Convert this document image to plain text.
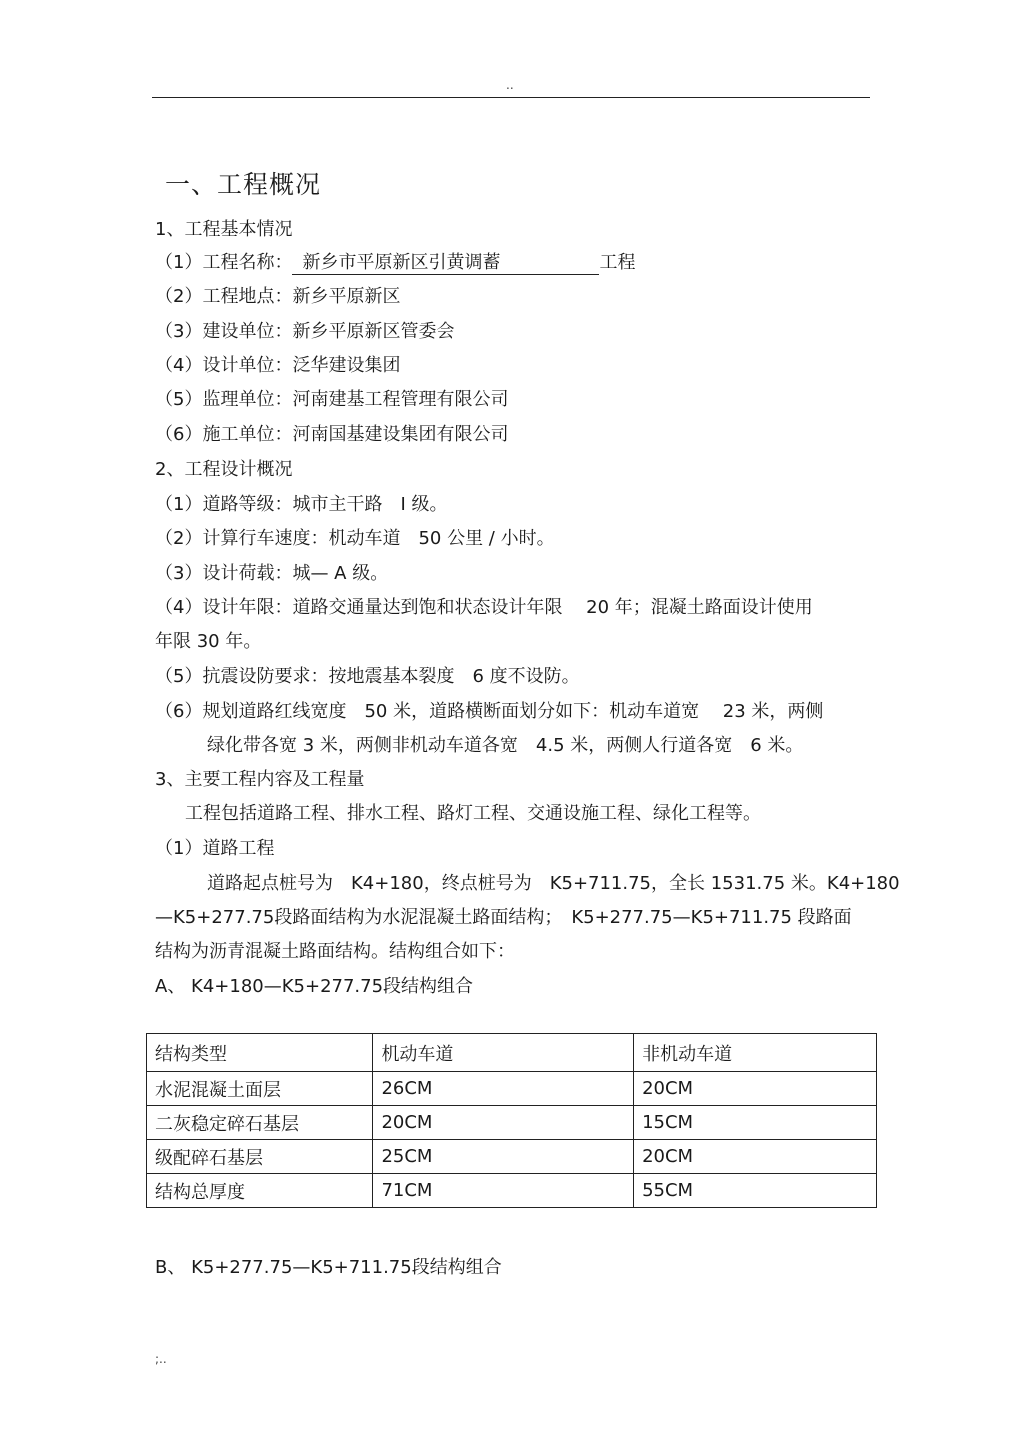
..
一、工程概况
1、工程基本情况
（1）工程名称： 新乡市平原新区引黄调蓄	工程
（2）工程地点：新乡平原新区
（3）建设单位：新乡平原新区管委会
（4）设计单位：泛华建设集团
（5）监理单位：河南建基工程管理有限公司
（6）施工单位：河南国基建设集团有限公司
2、工程设计概况
（1）道路等级：城市主干路　I 级。
（2）计算行车速度：机动车道　50 公里 / 小时。
（3）设计荷载：城— A 级。
（4）设计年限：道路交通量达到饱和状态设计年限　 20 年；混凝土路面设计使用
年限 30 年。
（5）抗震设防要求：按地震基本裂度　6 度不设防。
（6）规划道路红线宽度　50 米，道路横断面划分如下：机动车道宽　 23 米，两侧
绿化带各宽 3 米，两侧非机动车道各宽　4.5 米，两侧人行道各宽　6 米。
3、主要工程内容及工程量
工程包括道路工程、排水工程、路灯工程、交通设施工程、绿化工程等。
（1）道路工程
道路起点桩号为　K4+180，终点桩号为　K5+711.75，全长 1531.75 米。K4+180
—K5+277.75段路面结构为水泥混凝土路面结构；　K5+277.75—K5+711.75 段路面
结构为沥青混凝土路面结构。结构组合如下：
A、 K4+180—K5+277.75段结构组合
结构类型	机动车道	非机动车道
水泥混凝土面层	26CM	20CM
二灰稳定碎石基层	20CM	15CM
级配碎石基层	25CM	20CM
结构总厚度	71CM	55CM
B、 K5+277.75—K5+711.75段结构组合
;..
